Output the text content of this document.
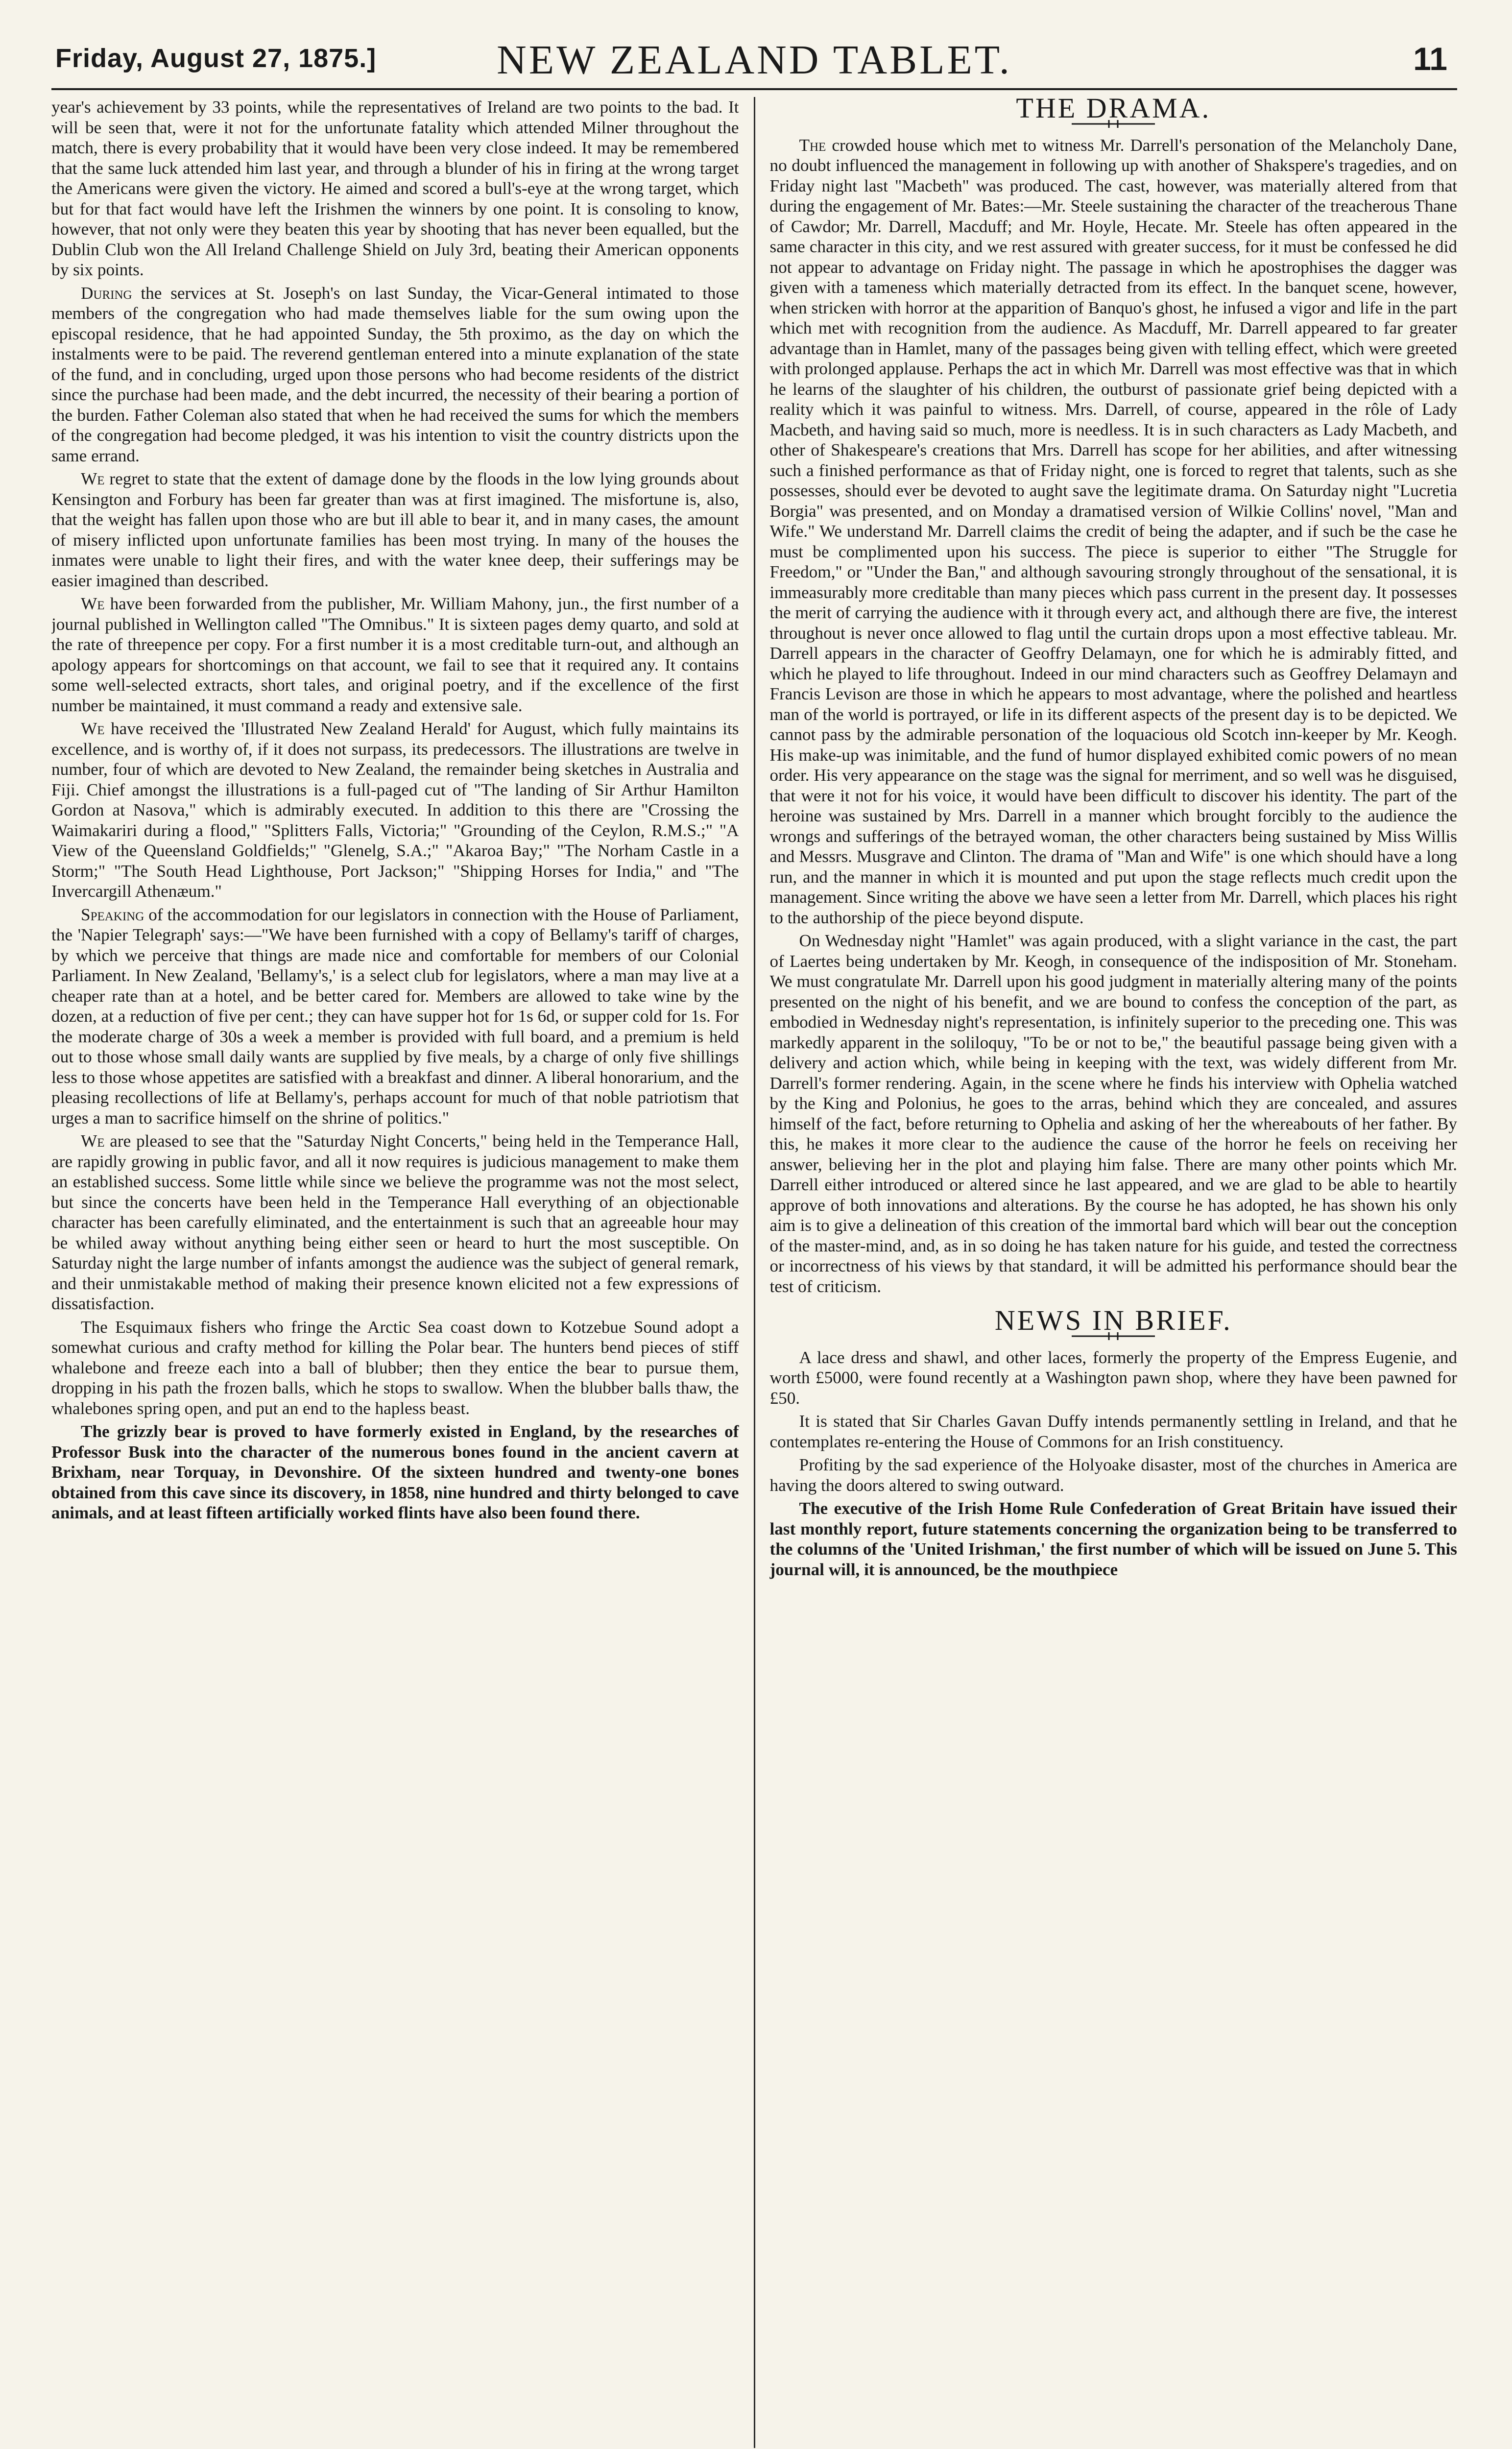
Friday, August 27, 1875.]	NEW ZEALAND TABLET.	11

year's achievement by 33 points, while the representatives of Ireland are two points to the bad. It will be seen that, were it not for the unfortunate fatality which attended Milner throughout the match, there is every probability that it would have been very close indeed. It may be remembered that the same luck attended him last year, and through a blunder of his in firing at the wrong target the Americans were given the victory. He aimed and scored a bull's-eye at the wrong target, which but for that fact would have left the Irishmen the winners by one point. It is consoling to know, however, that not only were they beaten this year by shooting that has never been equalled, but the Dublin Club won the All Ireland Challenge Shield on July 3rd, beating their American opponents by six points.

During the services at St. Joseph's on last Sunday, the Vicar-General intimated to those members of the congregation who had made themselves liable for the sum owing upon the episcopal residence, that he had appointed Sunday, the 5th proximo, as the day on which the instalments were to be paid. The reverend gentleman entered into a minute explanation of the state of the fund, and in concluding, urged upon those persons who had become residents of the district since the purchase had been made, and the debt incurred, the necessity of their bearing a portion of the burden. Father Coleman also stated that when he had received the sums for which the members of the congregation had become pledged, it was his intention to visit the country districts upon the same errand.

We regret to state that the extent of damage done by the floods in the low lying grounds about Kensington and Forbury has been far greater than was at first imagined. The misfortune is, also, that the weight has fallen upon those who are but ill able to bear it, and in many cases, the amount of misery inflicted upon unfortunate families has been most trying. In many of the houses the inmates were unable to light their fires, and with the water knee deep, their sufferings may be easier imagined than described.

We have been forwarded from the publisher, Mr. William Mahony, jun., the first number of a journal published in Wellington called "The Omnibus." It is sixteen pages demy quarto, and sold at the rate of threepence per copy. For a first number it is a most creditable turn-out, and although an apology appears for shortcomings on that account, we fail to see that it required any. It contains some well-selected extracts, short tales, and original poetry, and if the excellence of the first number be maintained, it must command a ready and extensive sale.

We have received the 'Illustrated New Zealand Herald' for August, which fully maintains its excellence, and is worthy of, if it does not surpass, its predecessors. The illustrations are twelve in number, four of which are devoted to New Zealand, the remainder being sketches in Australia and Fiji. Chief amongst the illustrations is a full-paged cut of "The landing of Sir Arthur Hamilton Gordon at Nasova," which is admirably executed. In addition to this there are "Crossing the Waimakariri during a flood," "Splitters Falls, Victoria;" "Grounding of the Ceylon, R.M.S.;" "A View of the Queensland Goldfields;" "Glenelg, S.A.;" "Akaroa Bay;" "The Norham Castle in a Storm;" "The South Head Lighthouse, Port Jackson;" "Shipping Horses for India," and "The Invercargill Athenæum."

Speaking of the accommodation for our legislators in connection with the House of Parliament, the 'Napier Telegraph' says:—"We have been furnished with a copy of Bellamy's tariff of charges, by which we perceive that things are made nice and comfortable for members of our Colonial Parliament. In New Zealand, 'Bellamy's,' is a select club for legislators, where a man may live at a cheaper rate than at a hotel, and be better cared for. Members are allowed to take wine by the dozen, at a reduction of five per cent.; they can have supper hot for 1s 6d, or supper cold for 1s. For the moderate charge of 30s a week a member is provided with full board, and a premium is held out to those whose small daily wants are supplied by five meals, by a charge of only five shillings less to those whose appetites are satisfied with a breakfast and dinner. A liberal honorarium, and the pleasing recollections of life at Bellamy's, perhaps account for much of that noble patriotism that urges a man to sacrifice himself on the shrine of politics."

We are pleased to see that the "Saturday Night Concerts," being held in the Temperance Hall, are rapidly growing in public favor, and all it now requires is judicious management to make them an established success. Some little while since we believe the programme was not the most select, but since the concerts have been held in the Temperance Hall everything of an objectionable character has been carefully eliminated, and the entertainment is such that an agreeable hour may be whiled away without anything being either seen or heard to hurt the most susceptible. On Saturday night the large number of infants amongst the audience was the subject of general remark, and their unmistakable method of making their presence known elicited not a few expressions of dissatisfaction.

The Esquimaux fishers who fringe the Arctic Sea coast down to Kotzebue Sound adopt a somewhat curious and crafty method for killing the Polar bear. The hunters bend pieces of stiff whalebone and freeze each into a ball of blubber; then they entice the bear to pursue them, dropping in his path the frozen balls, which he stops to swallow. When the blubber balls thaw, the whalebones spring open, and put an end to the hapless beast.

The grizzly bear is proved to have formerly existed in England, by the researches of Professor Busk into the character of the numerous bones found in the ancient cavern at Brixham, near Torquay, in Devonshire. Of the sixteen hundred and twenty-one bones obtained from this cave since its discovery, in 1858, nine hundred and thirty belonged to cave animals, and at least fifteen artificially worked flints have also been found there.

THE DRAMA.

The crowded house which met to witness Mr. Darrell's personation of the Melancholy Dane, no doubt influenced the management in following up with another of Shakspere's tragedies, and on Friday night last "Macbeth" was produced. The cast, however, was materially altered from that during the engagement of Mr. Bates:—Mr. Steele sustaining the character of the treacherous Thane of Cawdor; Mr. Darrell, Macduff; and Mr. Hoyle, Hecate. Mr. Steele has often appeared in the same character in this city, and we rest assured with greater success, for it must be confessed he did not appear to advantage on Friday night. The passage in which he apostrophises the dagger was given with a tameness which materially detracted from its effect. In the banquet scene, however, when stricken with horror at the apparition of Banquo's ghost, he infused a vigor and life in the part which met with recognition from the audience. As Macduff, Mr. Darrell appeared to far greater advantage than in Hamlet, many of the passages being given with telling effect, which were greeted with prolonged applause. Perhaps the act in which Mr. Darrell was most effective was that in which he learns of the slaughter of his children, the outburst of passionate grief being depicted with a reality which it was painful to witness. Mrs. Darrell, of course, appeared in the rôle of Lady Macbeth, and having said so much, more is needless. It is in such characters as Lady Macbeth, and other of Shakespeare's creations that Mrs. Darrell has scope for her abilities, and after witnessing such a finished performance as that of Friday night, one is forced to regret that talents, such as she possesses, should ever be devoted to aught save the legitimate drama. On Saturday night "Lucretia Borgia" was presented, and on Monday a dramatised version of Wilkie Collins' novel, "Man and Wife." We understand Mr. Darrell claims the credit of being the adapter, and if such be the case he must be complimented upon his success. The piece is superior to either "The Struggle for Freedom," or "Under the Ban," and although savouring strongly throughout of the sensational, it is immeasurably more creditable than many pieces which pass current in the present day. It possesses the merit of carrying the audience with it through every act, and although there are five, the interest throughout is never once allowed to flag until the curtain drops upon a most effective tableau. Mr. Darrell appears in the character of Geoffry Delamayn, one for which he is admirably fitted, and which he played to life throughout. Indeed in our mind characters such as Geoffrey Delamayn and Francis Levison are those in which he appears to most advantage, where the polished and heartless man of the world is portrayed, or life in its different aspects of the present day is to be depicted. We cannot pass by the admirable personation of the loquacious old Scotch inn-keeper by Mr. Keogh. His make-up was inimitable, and the fund of humor displayed exhibited comic powers of no mean order. His very appearance on the stage was the signal for merriment, and so well was he disguised, that were it not for his voice, it would have been difficult to discover his identity. The part of the heroine was sustained by Mrs. Darrell in a manner which brought forcibly to the audience the wrongs and sufferings of the betrayed woman, the other characters being sustained by Miss Willis and Messrs. Musgrave and Clinton. The drama of "Man and Wife" is one which should have a long run, and the manner in which it is mounted and put upon the stage reflects much credit upon the management. Since writing the above we have seen a letter from Mr. Darrell, which places his right to the authorship of the piece beyond dispute.

On Wednesday night "Hamlet" was again produced, with a slight variance in the cast, the part of Laertes being undertaken by Mr. Keogh, in consequence of the indisposition of Mr. Stoneham. We must congratulate Mr. Darrell upon his good judgment in materially altering many of the points presented on the night of his benefit, and we are bound to confess the conception of the part, as embodied in Wednesday night's representation, is infinitely superior to the preceding one. This was markedly apparent in the soliloquy, "To be or not to be," the beautiful passage being given with a delivery and action which, while being in keeping with the text, was widely different from Mr. Darrell's former rendering. Again, in the scene where he finds his interview with Ophelia watched by the King and Polonius, he goes to the arras, behind which they are concealed, and assures himself of the fact, before returning to Ophelia and asking of her the whereabouts of her father. By this, he makes it more clear to the audience the cause of the horror he feels on receiving her answer, believing her in the plot and playing him false. There are many other points which Mr. Darrell either introduced or altered since he last appeared, and we are glad to be able to heartily approve of both innovations and alterations. By the course he has adopted, he has shown his only aim is to give a delineation of this creation of the immortal bard which will bear out the conception of the master-mind, and, as in so doing he has taken nature for his guide, and tested the correctness or incorrectness of his views by that standard, it will be admitted his performance should bear the test of criticism.

NEWS IN BRIEF.

A lace dress and shawl, and other laces, formerly the property of the Empress Eugenie, and worth £5000, were found recently at a Washington pawn shop, where they have been pawned for £50.

It is stated that Sir Charles Gavan Duffy intends permanently settling in Ireland, and that he contemplates re-entering the House of Commons for an Irish constituency.

Profiting by the sad experience of the Holyoake disaster, most of the churches in America are having the doors altered to swing outward.

The executive of the Irish Home Rule Confederation of Great Britain have issued their last monthly report, future statements concerning the organization being to be transferred to the columns of the 'United Irishman,' the first number of which will be issued on June 5. This journal will, it is announced, be the mouthpiece
